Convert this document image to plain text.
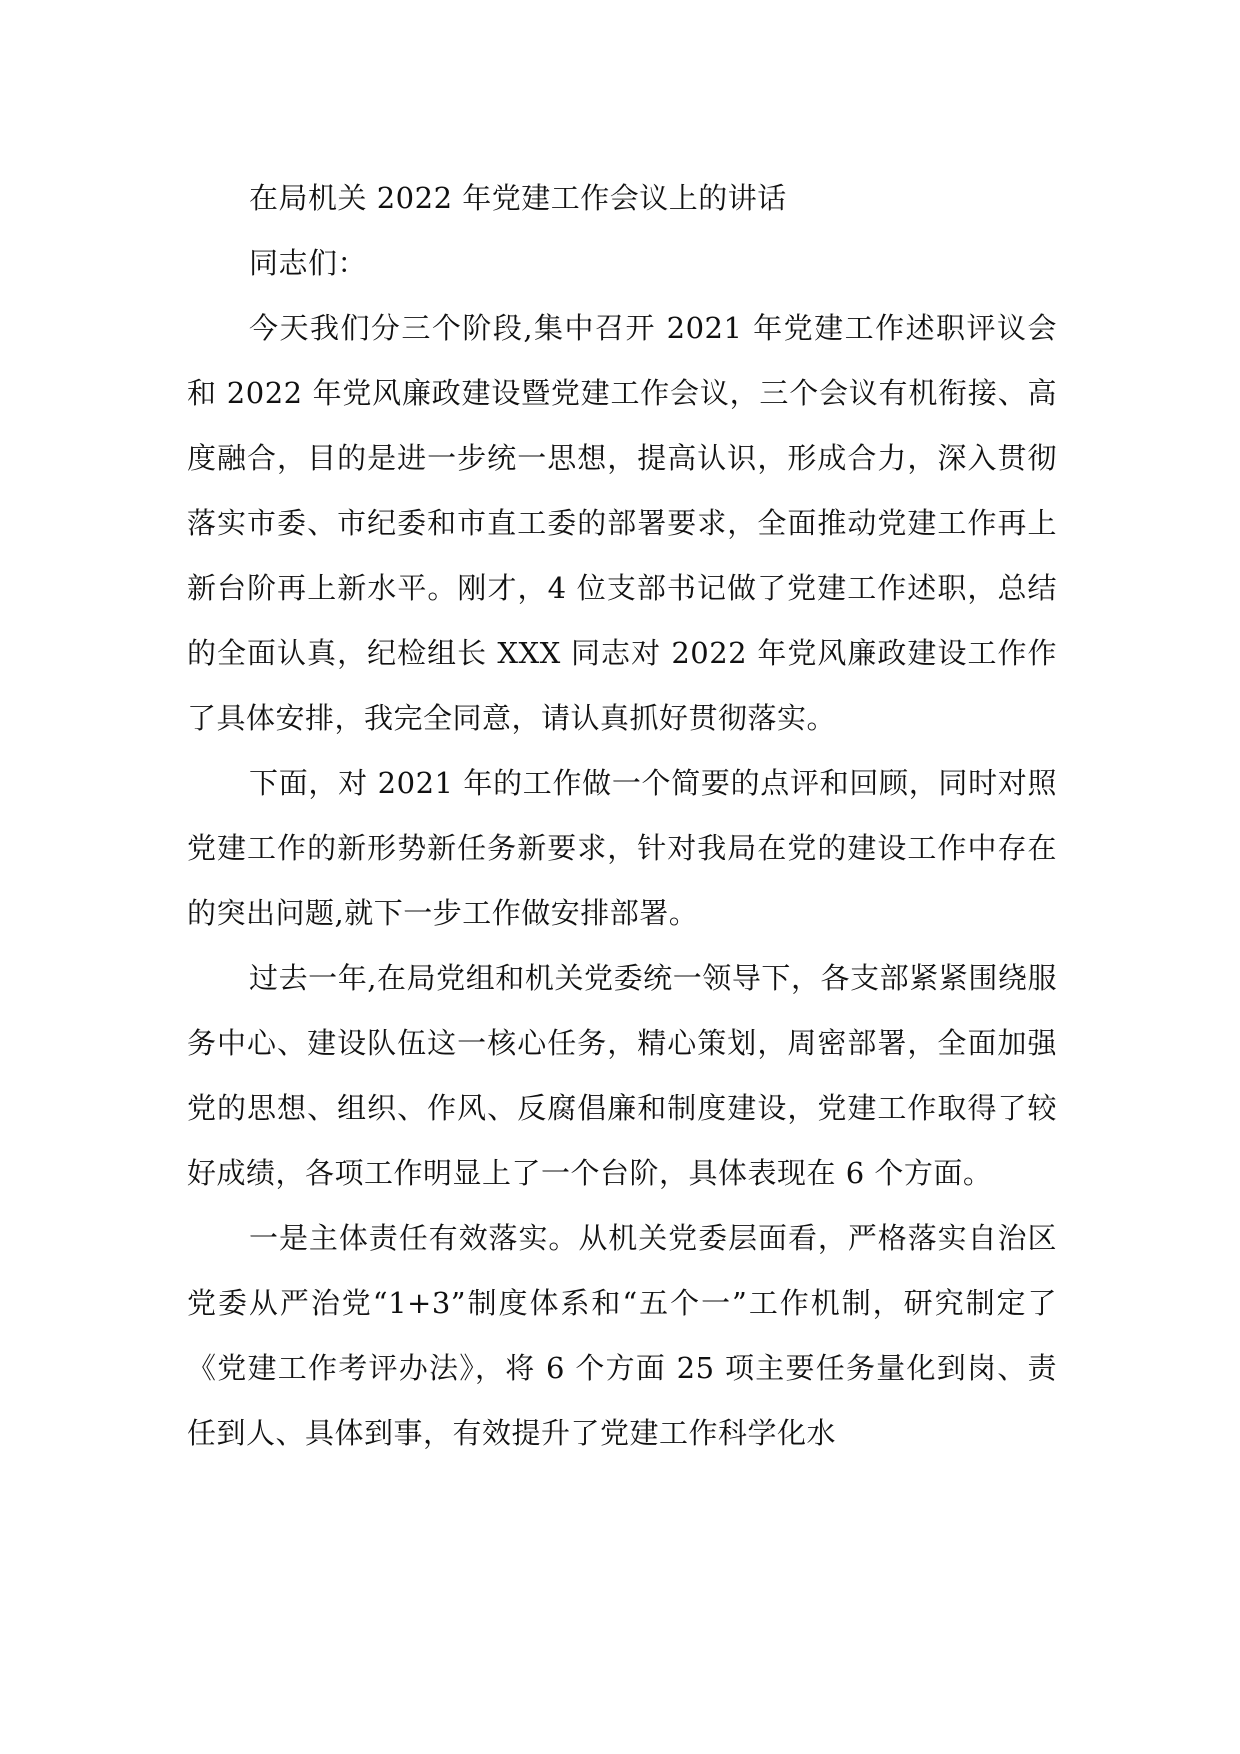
在局机关 2022 年党建工作会议上的讲话

同志们：

今天我们分三个阶段,集中召开 2021 年党建工作述职评议会和 2022 年党风廉政建设暨党建工作会议，三个会议有机衔接、高度融合，目的是进一步统一思想，提高认识，形成合力，深入贯彻落实市委、市纪委和市直工委的部署要求，全面推动党建工作再上新台阶再上新水平。刚才，4 位支部书记做了党建工作述职，总结的全面认真，纪检组长 XXX 同志对 2022 年党风廉政建设工作作了具体安排，我完全同意，请认真抓好贯彻落实。

下面，对 2021 年的工作做一个简要的点评和回顾，同时对照党建工作的新形势新任务新要求，针对我局在党的建设工作中存在的突出问题,就下一步工作做安排部署。

过去一年,在局党组和机关党委统一领导下，各支部紧紧围绕服务中心、建设队伍这一核心任务，精心策划，周密部署，全面加强党的思想、组织、作风、反腐倡廉和制度建设，党建工作取得了较好成绩，各项工作明显上了一个台阶，具体表现在 6 个方面。

一是主体责任有效落实。从机关党委层面看，严格落实自治区党委从严治党“1+3”制度体系和“五个一”工作机制，研究制定了《党建工作考评办法》，将 6 个方面 25 项主要任务量化到岗、责任到人、具体到事，有效提升了党建工作科学化水
